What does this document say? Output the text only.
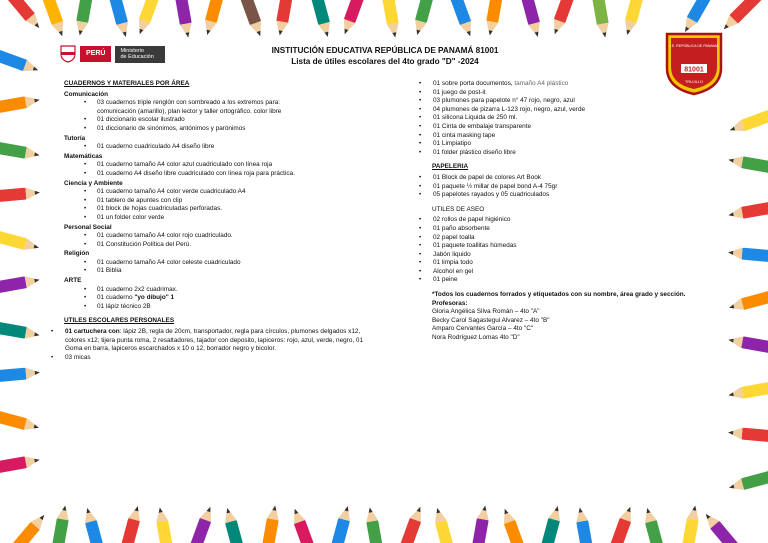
PERÚ	Ministerio
de Educación
I.E. REPÚBLICA DE PANAMÁ
81001
TRUJILLO
INSTITUCIÓN EDUCATIVA REPÚBLICA DE PANAMÁ 81001
Lista de útiles escolares del 4to grado "D" -2024
CUADERNOS Y MATERIALES POR ÁREA
Comunicación
• 03 cuadernos triple renglón con sombreado a los extremos para:
comunicación (amarillo), plan lector y taller ortográfico. color libre
• 01 diccionario escolar ilustrado
• 01 diccionario de sinónimos, antónimos y parónimos
Tutoría
• 01 cuaderno cuadriculado A4 diseño libre
Matemáticas
• 01 cuaderno tamaño A4 color azul cuadriculado con línea roja
• 01 cuaderno A4 diseño libre cuadriculado con línea roja para práctica.
Ciencia y Ambiente
• 01 cuaderno tamaño A4 color verde cuadriculado A4
• 01 tablero de apuntes con clip
• 01 block de hojas cuadriculadas perforadas.
• 01 un folder color verde
Personal Social
• 01 cuaderno tamaño A4 color rojo cuadriculado.
• 01 Constitución Política del Perú.
Religión
• 01 cuaderno tamaño A4 color celeste cuadriculado
• 01 Biblia
ARTE
• 01 cuaderno 2x2 cuadrimax.
• 01 cuaderno "yo dibujo" 1
• 01 lápiz técnico 2B
UTILES ESCOLARES PERSONALES
• 01 cartuchera con: lápiz 2B, regla de 20cm, transportador, regla para círculos, plumones delgados x12, colores x12, tijera punta roma, 2 resaltadores, tajador con deposito, lapiceros: rojo, azul, verde, negro, 01 Goma en barra, lapiceros escarchados x 10 o 12, borrador negro y bicolor.
• 03 micas
• 01 sobre porta documentos, tamaño A4 plástico
• 01 juego de post-it
• 03 plumones para papelote n° 47 rojo, negro, azul
• 04 plumones de pizarra L-123 rojo, negro, azul, verde
• 01 silicona Liquida de 250 ml.
• 01 Cinta de embalaje transparente
• 01 cinta masking tape
• 01 Limpiatipo
• 01 folder plástico diseño libre
PAPELERIA
• 01 Block de papel de colores Art Book
• 01 paquete ½ millar de papel bond A-4 75gr
• 05 papelotes rayados y 05 cuadriculados
UTILES DE ASEO
• 02 rollos de papel higiénico
• 01 paño absorbente
• 02 papel toalla
• 01 paquete toallitas húmedas
• Jabón liquido
• 01 limpia todo
• Alcohol en gel
• 01 peine
*Todos los cuadernos forrados y etiquetados con su nombre, área grado y sección.
Profesoras:
Gloria Angélica Silva Román – 4to "A"
Becky Carol Sagastegui Alvarez – 4to "B"
Amparo Cervantes García – 4to "C"
Nora Rodríguez Lomas 4to "D"
